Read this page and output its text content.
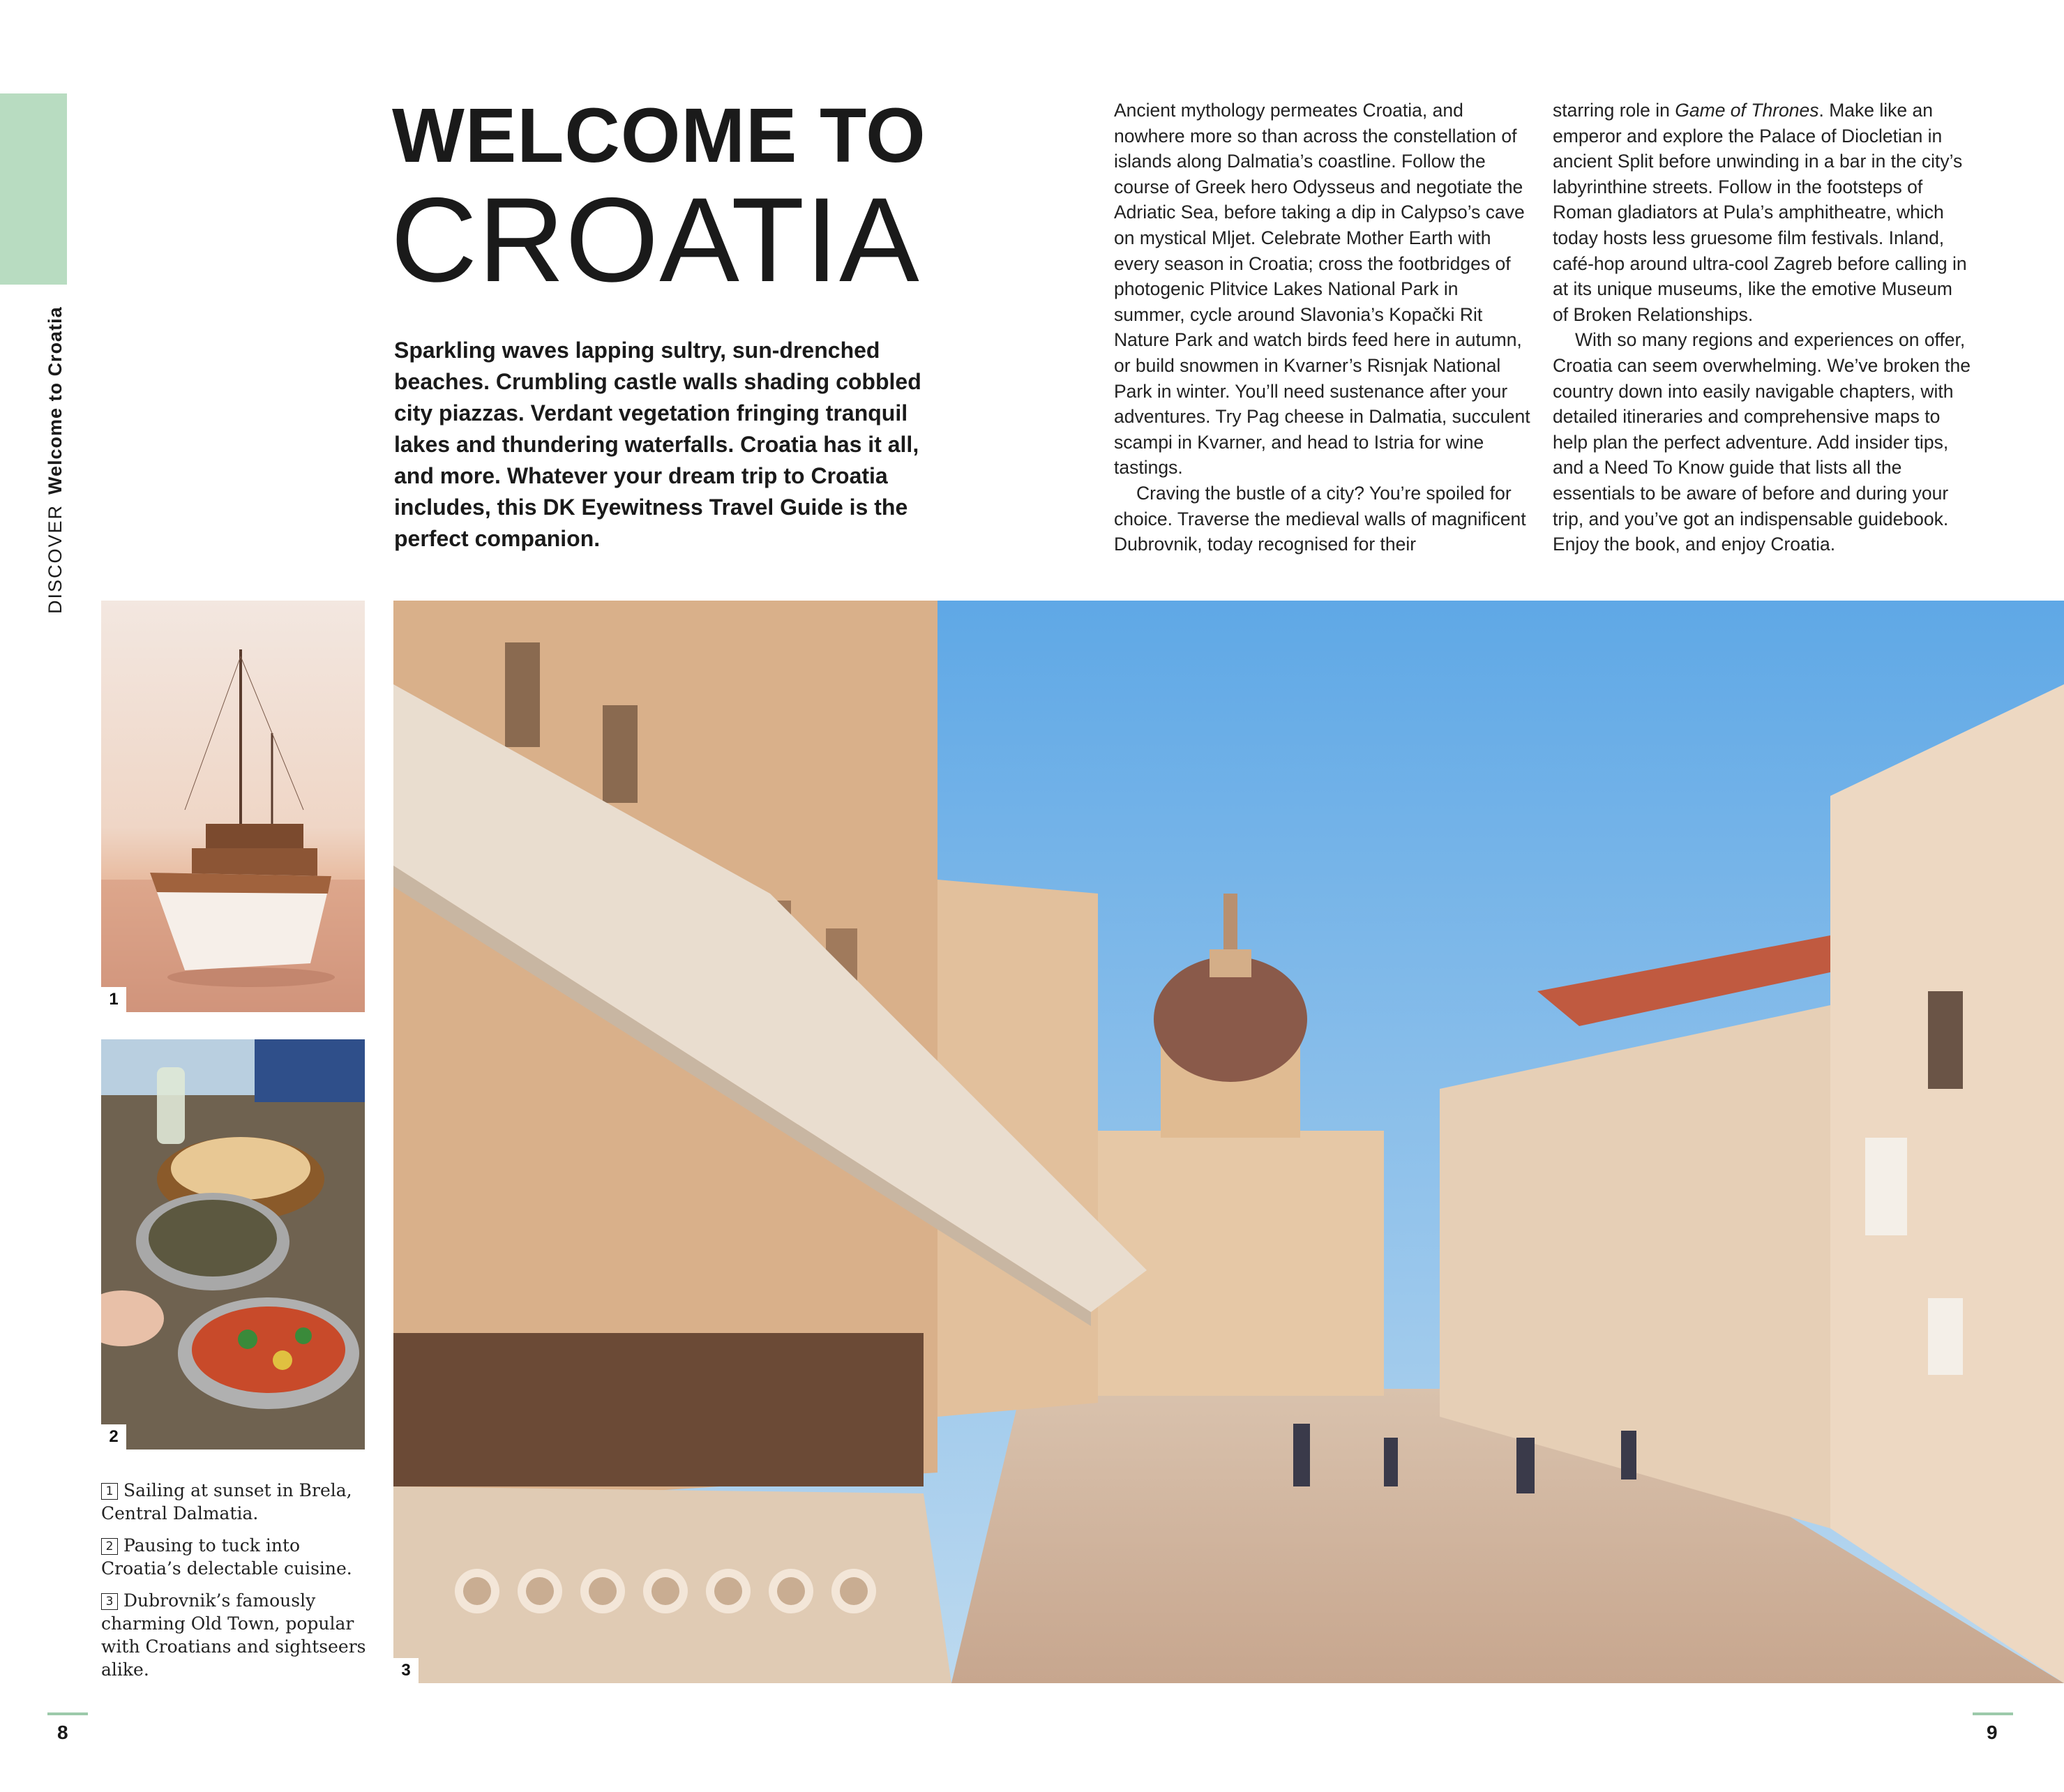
DISCOVERWelcome to Croatia
WELCOME TO
CROATIA

Sparkling waves lapping sultry, sun-drenched beaches. Crumbling castle walls shading cobbled city piazzas. Verdant vegetation fringing tranquil lakes and thundering waterfalls. Croatia has it all, and more. Whatever your dream trip to Croatia includes, this DK Eyewitness Travel Guide is the perfect companion.

Ancient mythology permeates Croatia, and nowhere more so than across the constellation of islands along Dalmatia’s coastline. Follow the course of Greek hero Odysseus and negotiate the Adriatic Sea, before taking a dip in Calypso’s cave on mystical Mljet. Celebrate Mother Earth with every season in Croatia; cross the footbridges of photogenic Plitvice Lakes National Park in summer, cycle around Slavonia’s Kopački Rit Nature Park and watch birds feed here in autumn, or build snowmen in Kvarner’s Risnjak National Park in winter. You’ll need sustenance after your adventures. Try Pag cheese in Dalmatia, succulent scampi in Kvarner, and head to Istria for wine tastings.

Craving the bustle of a city? You’re spoiled for choice. Traverse the medieval walls of magnificent Dubrovnik, today recognised for their

starring role in Game of Thrones. Make like an emperor and explore the Palace of Diocletian in ancient Split before unwinding in a bar in the city’s labyrinthine streets. Follow in the footsteps of Roman gladiators at Pula’s amphitheatre, which today hosts less gruesome film festivals. Inland, café-hop around ultra-cool Zagreb before calling in at its unique museums, like the emotive Museum of Broken Relationships.

With so many regions and experiences on offer, Croatia can seem overwhelming. We’ve broken the country down into easily navigable chapters, with detailed itineraries and comprehensive maps to help plan the perfect adventure. Add insider tips, and a Need To Know guide that lists all the essentials to be aware of before and during your trip, and you’ve got an indispensable guidebook. Enjoy the book, and enjoy Croatia.

1
2
3

1 Sailing at sunset in Brela, Central Dalmatia.

2 Pausing to tuck into Croatia’s delectable cuisine.

3 Dubrovnik’s famously charming Old Town, popular with Croatians and sightseers alike.

8	9
